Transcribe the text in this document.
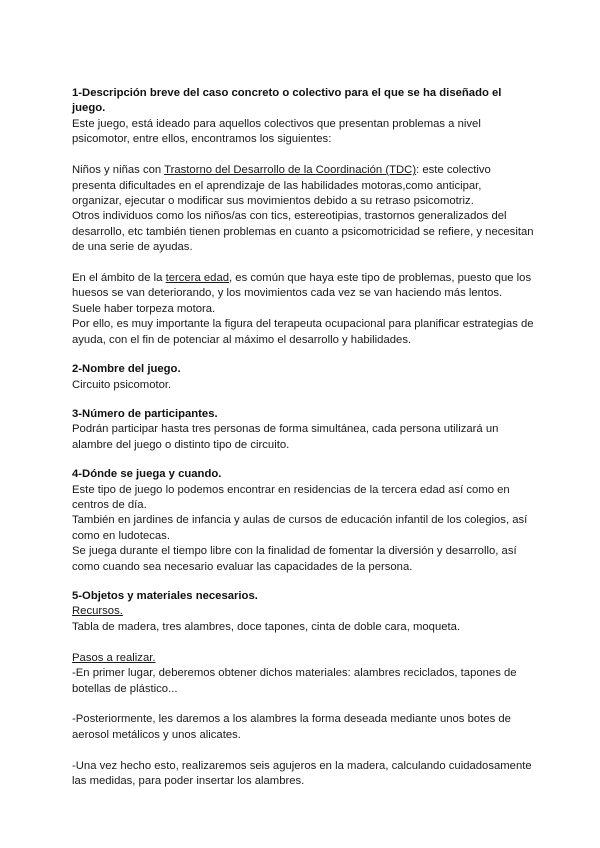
1-Descripción breve del caso concreto o colectivo para el que se ha diseñado el juego.

Este juego, está ideado para aquellos colectivos que presentan problemas a nivel psicomotor, entre ellos, encontramos los siguientes:

Niños y niñas con Trastorno del Desarrollo de la Coordinación (TDC): este colectivo presenta dificultades en el aprendizaje de las habilidades motoras,como anticipar, organizar, ejecutar o modificar sus movimientos debido a su retraso psicomotriz.

Otros individuos como los niños/as con tics, estereotipias, trastornos generalizados del desarrollo, etc también tienen problemas en cuanto a psicomotricidad se refiere, y necesitan de una serie de ayudas.

En el ámbito de la tercera edad, es común que haya este tipo de problemas, puesto que los huesos se van deteriorando, y los movimientos cada vez se van haciendo más lentos.

Suele haber torpeza motora.

Por ello, es muy importante la figura del terapeuta ocupacional para planificar estrategias de ayuda, con el fin de potenciar al máximo el desarrollo y habilidades.

2-Nombre del juego.

Circuito psicomotor.

3-Número de participantes.

Podrán participar hasta tres personas de forma simultánea, cada persona utilizará un alambre del juego o distinto tipo de circuito.

4-Dónde se juega y cuando.

Este tipo de juego lo podemos encontrar en residencias de la tercera edad así como en centros de día.

También en jardines de infancia y aulas de cursos de educación infantil de los colegios, así como en ludotecas.

Se juega durante el tiempo libre con la finalidad de fomentar la diversión y desarrollo, así como cuando sea necesario evaluar las capacidades de la persona.

5-Objetos y materiales necesarios.

Recursos.

Tabla de madera, tres alambres, doce tapones, cinta de doble cara, moqueta.

Pasos a realizar.

-En primer lugar, deberemos obtener dichos materiales: alambres reciclados, tapones de botellas de plástico...

-Posteriormente, les daremos a los alambres la forma deseada mediante unos botes de aerosol metálicos y unos alicates.

-Una vez hecho esto, realizaremos seis agujeros en la madera, calculando cuidadosamente las medidas, para poder insertar los alambres.
